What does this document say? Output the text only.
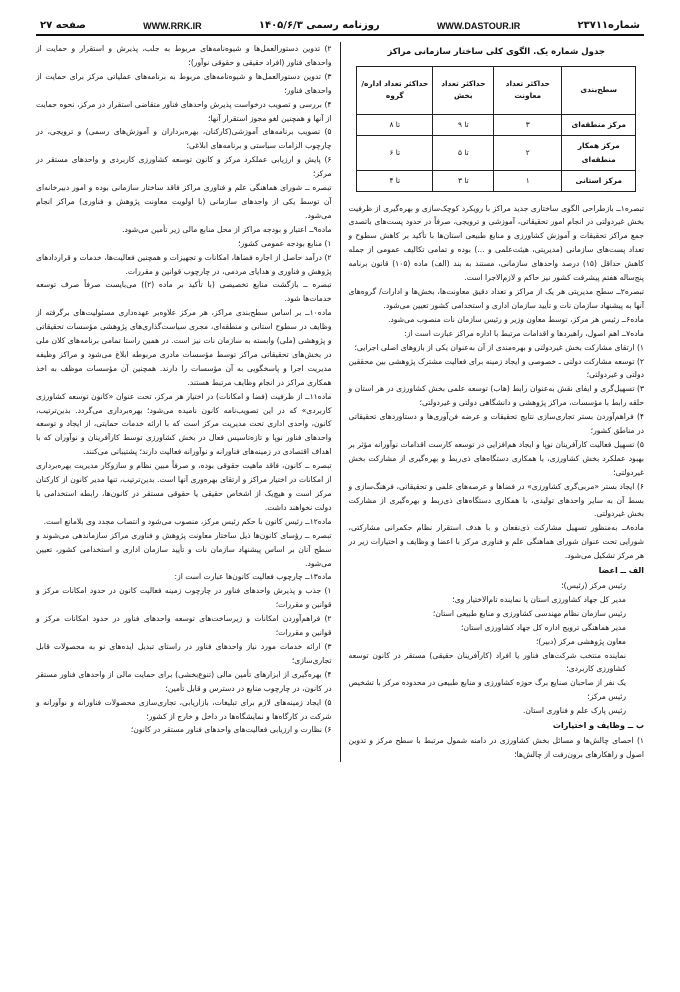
شماره۲۳۷۱۱
WWW.DASTOUR.IR
روزنامه رسمی ۱۴۰۵/۶/۳
WWW.RRK.IR
صفحه ۲۷
جدول شماره یک. الگوی کلی ساختار سازمانی مراکز
سطح‌بندی	حداکثر تعداد معاونت	حداکثر تعداد بخش	حداکثر تعداد اداره/گروه
مرکز منطقه‌ای	۳	تا ۹	تا ۸
مرکز همکار منطقه‌ای	۲	تا ۵	تا ۶
مرکز استانی	۱	تا ۳	تا ۴
تبصره۱ــ بازطراحی الگوی ساختاری جدید مراکز با رویکرد کوچک‌سازی و بهره‌گیری از ظرفیت بخش غیردولتی در انجام امور تحقیقاتی، آموزشی و ترویجی، صرفاً در حدود پست‌های باتصدی جمع مراکز تحقیقات و آموزش کشاورزی و منابع طبیعی استان‌ها با تأکید بر کاهش سطوح و تعداد پست‌های سازمانی (مدیریتی، هیئت‌علمی و ...) بوده و تمامی تکالیف عمومی از جمله کاهش حداقل (۱۵) درصد واحدهای سازمانی، مستند به بند (الف) ماده (۱۰۵) قانون برنامه پنج‌ساله هفتم پیشرفت کشور نیز حاکم و لازم‌الاجرا است.
تبصره۲ــ سطح مدیریتی هر یک از مراکز و تعداد دقیق معاونت‌ها، بخش‌ها و ادارات/ گروه‌های آنها به پیشنهاد سازمان نات و تأیید سازمان اداری و استخدامی کشور تعیین می‌شود.
ماده۶ــ رئیس هر مرکز، توسط معاون وزیر و رئیس سازمان نات منصوب می‌شود.
ماده۷ــ اهم اصول، راهبردها و اقدامات مرتبط با اداره مراکز عبارت است از:
۱) ارتقای مشارکت بخش غیردولتی و بهره‌مندی از آن به‌عنوان یکی از بازوهای اصلی اجرایی؛
۲) توسعه مشارکت دولتی ـ خصوصی و ایجاد زمینه برای فعالیت مشترک پژوهشی بین محققین دولتی و غیردولتی؛
۳) تسهیل‌گری و ایفای نقش به‌عنوان رابط (هاب) توسعه علمی بخش کشاورزی در هر استان و حلقه رابط با مؤسسات، مراکز پژوهشی و دانشگاهی دولتی و غیردولتی؛
۴) فراهم‌آوردن بستر تجاری‌سازی نتایج تحقیقات و عرضه فن‌آوری‌ها و دستاوردهای تحقیقاتی در مناطق کشور؛
۵) تسهیل فعالیت کارآفرینان نوپا و ایجاد هم‌افزایی در توسعه کارست اقدامات نوآورانه مؤثر بر بهبود عملکرد بخش کشاورزی، با همکاری دستگاه‌های ذی‌ربط و بهره‌گیری از مشارکت بخش غیردولتی؛
۶) ایجاد بستر «مربی‌گری کشاورزی» در فضاها و عرصه‌های علمی و تحقیقاتی، فرهنگ‌سازی و بسط آن به سایر واحدهای تولیدی، با همکاری دستگاه‌های ذی‌ربط و بهره‌گیری از مشارکت بخش غیردولتی.
ماده۸ــ به‌منظور تسهیل مشارکت ذی‌نفعان و با هدف استقرار نظام حکمرانی مشارکتی، شورایی تحت عنوان شورای هماهنگی علم و فناوری مرکز با اعضا و وظایف و اختیارات زیر در هر مرکز تشکیل می‌شود.
الف ــ اعضا
رئیس مرکز (رئیس)؛
مدیر کل جهاد کشاورزی استان یا نماینده تام‌الاختیار وی؛
رئیس سازمان نظام مهندسی کشاورزی و منابع طبیعی استان؛
مدیر هماهنگی ترویج اداره کل جهاد کشاورزی استان؛
معاون پژوهشی مرکز (دبیر)؛
نماینده منتخب شرکت‌های فناور یا افراد (کارآفرینان حقیقی) مستقر در کانون توسعه کشاورزی کاربردی؛
یک نفر از صاحبان صنایع برگ حوزه کشاورزی و منابع طبیعی در محدوده مرکز با تشخیص رئیس مرکز؛
رئیس پارک علم و فناوری استان.
ب ــ وظایف و اختیارات
۱) احصای چالش‌ها و مسائل بخش کشاورزی در دامنه شمول مرتبط با سطح مرکز و تدوین اصول و راهکارهای برون‌رفت از چالش‌ها؛
۲) تدوین دستورالعمل‌ها و شیوه‌نامه‌های مربوط به جلب، پذیرش و استقرار و حمایت از واحدهای فناور (افراد حقیقی و حقوقی نوآور)؛
۳) تدوین دستورالعمل‌ها و شیوه‌نامه‌های مربوط به برنامه‌های عملیاتی مرکز برای حمایت از واحدهای فناور؛
۴) بررسی و تصویب درخواست پذیرش واحدهای فناور متقاضی استقرار در مرکز، نحوه حمایت از آنها و همچنین لغو مجوز استقرار آنها؛
۵) تصویب برنامه‌های آموزشی(کارکنان، بهره‌برداران و آموزش‌های رسمی) و ترویجی، در چارچوب الزامات سیاستی و برنامه‌های ابلاغی؛
۶) پایش و ارزیابی عملکرد مرکز و کانون توسعه کشاورزی کاربردی و واحدهای مستقر در مرکز؛
تبصره ــ شورای هماهنگی علم و فناوری مراکز فاقد ساختار سازمانی بوده و امور دبیرخانه‌ای آن توسط یکی از واحدهای سازمانی (با اولویت معاونت پژوهش و فناوری) مراکز انجام می‌شود.
ماده۹ــ اعتبار و بودجه مراکز از محل منابع مالی زیر تأمین می‌شود.
۱) منابع بودجه عمومی کشور؛
۲) درآمد حاصل از اجاره فضاها، امکانات و تجهیزات و همچنین فعالیت‌ها، خدمات و قراردادهای پژوهش و فناوری و هدایای مردمی، در چارچوب قوانین و مقررات.
تبصره ــ بازگشت منابع تخصیصی (با تأکید بر ماده (۲)) می‌بایست صرفاً صرف توسعه خدمات‌ها شود.
ماده۱۰ــ بر اساس سطح‌بندی مراکز، هر مرکز علاوه‌بر عهده‌داری مسئولیت‌های برگرفته از وظایف در سطوح استانی و منطقه‌ای، مجری سیاست‌گذاری‌های پژوهشی مؤسسات تحقیقاتی و پژوهشی (ملی) وابسته به سازمان نات نیز است. در همین راستا تمامی برنامه‌های کلان ملی در بخش‌های تحقیقاتی مراکز توسط مؤسسات مادری مربوطه ابلاغ می‌شود و مراکز وظیفه مدیریت اجرا و پاسخگویی به آن مؤسسات را دارند. همچنین آن مؤسسات موظف به اخذ همکاری مراکز در انجام وظایف مرتبط هستند.
ماده۱۱ــ از ظرفیت (فضا و امکانات) در اختیار هر مرکز، تحت عنوان «کانون توسعه کشاورزی کاربردی» که در این تصویب‌نامه کانون نامیده می‌شود؛ بهره‌برداری می‌گردد. بدین‌ترتیب، کانون، واحدی اداری تحت مدیریت مرکز است که با ارائه خدمات حمایتی، از ایجاد و توسعه واحدهای فناور نوپا و تازه‌تاسیس فعال در بخش کشاورزی توسط کارآفرینان و نوآوران که با اهداف اقتصادی در زمینه‌های فناورانه و نوآورانه فعالیت دارند؛ پشتیبانی می‌کنند.
تبصره ــ کانون، فاقد ماهیت حقوقی بوده، و صرفاً مبین نظام و سازوکار مدیریت بهره‌برداری از امکانات در اختیار مراکز و ارتقای بهره‌وری آنها است. بدین‌ترتیب، تنها مدیر کانون از کارکنان مرکز است و هیچ‌یک از اشخاص حقیقی یا حقوقی مستقر در کانون‌ها، رابطه استخدامی با دولت نخواهند داشت.
ماده۱۲ــ رئیس کانون با حکم رئیس مرکز، منصوب می‌شود و انتصاب مجدد وی بلامانع است.
تبصره ــ رؤسای کانون‌ها ذیل ساختار معاونت پژوهش و فناوری مراکز سازماندهی می‌شوند و سطح آنان بر اساس پیشنهاد سازمان نات و تأیید سازمان اداری و استخدامی کشور، تعیین می‌شود.
ماده۱۳ــ چارچوب فعالیت کانون‌ها عبارت است از:
۱) جذب و پذیرش واحدهای فناور در چارچوب زمینه فعالیت کانون در حدود امکانات مرکز و قوانین و مقررات؛
۲) فراهم‌آوردن امکانات و زیرساخت‌های توسعه واحدهای فناور در حدود امکانات مرکز و قوانین و مقررات؛
۳) ارائه خدمات مورد نیاز واحدهای فناور در راستای تبدیل ایده‌های نو به محصولات قابل تجاری‌سازی؛
۴) بهره‌گیری از ابزارهای تأمین مالی (تنوع‌بخشی) برای حمایت مالی از واحدهای فناور مستقر در کانون، در چارچوب منابع در دسترس و قابل تأمین؛
۵) ایجاد زمینه‌های لازم برای تبلیغات، بازاریابی، تجاری‌سازی محصولات فناورانه و نوآورانه و شرکت در کارگاه‌ها و نمایشگاه‌ها در داخل و خارج از کشور؛
۶) نظارت و ارزیابی فعالیت‌های واحدهای فناور مستقر در کانون؛
